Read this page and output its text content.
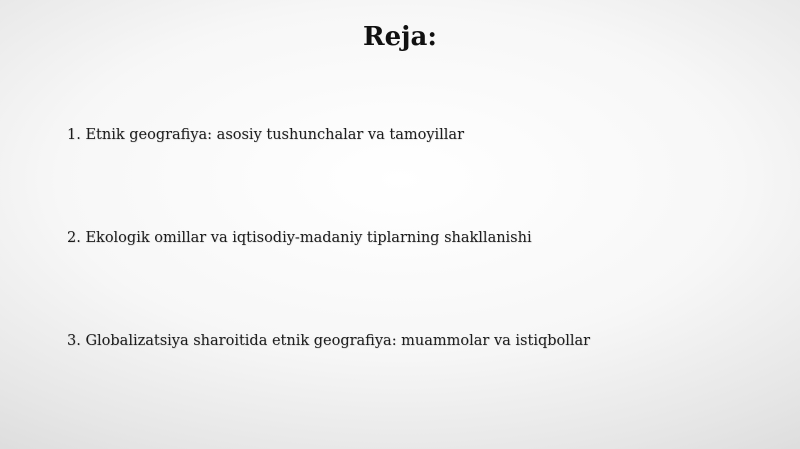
Reja:
1. Etnik geografiya: asosiy tushunchalar va tamoyillar
2. Ekologik omillar va iqtisodiy-madaniy tiplarning shakllanishi
3. Globalizatsiya sharoitida etnik geografiya: muammolar va istiqbollar
